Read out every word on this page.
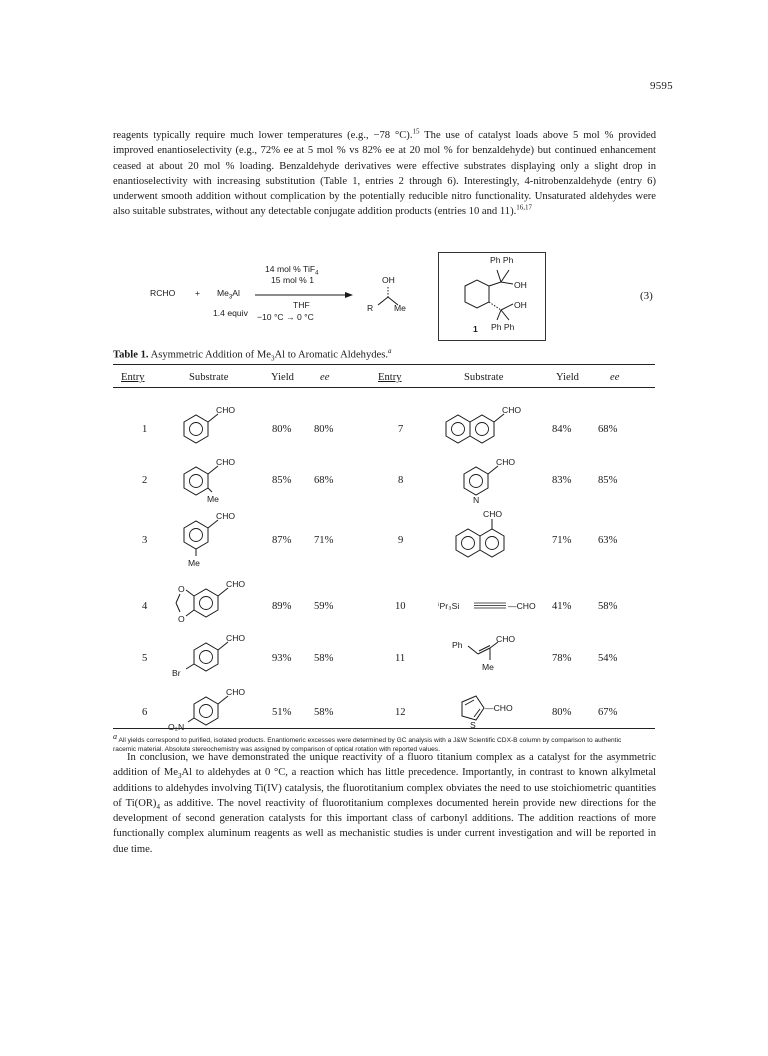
9595

reagents typically require much lower temperatures (e.g., −78 °C).$^{15}$ The use of catalyst loads above 5 mol % provided improved enantioselectivity (e.g., 72% ee at 5 mol % vs 82% ee at 20 mol % for benzaldehyde) but continued enhancement ceased at about 20 mol % loading. Benzaldehyde derivatives were effective substrates displaying only a slight drop in enantioselectivity with increasing substitution (Table 1, entries 2 through 6). Interestingly, 4-nitrobenzaldehyde (entry 6) underwent smooth addition without complication by the potentially reducible nitro functionality. Unsaturated aldehydes were also suitable substrates, without any detectable conjugate addition products (entries 10 and 11).$^{16,17}$

RCHO + $Me_3Al$
1.4 equiv
14 mol % TiF$_4$
15 mol % 1
THF
−10 °C → 0 °C
OH
R Me
Ph Ph
OH
OH
1 Ph Ph
(3)
Table 1. Asymmetric Addition of $Me_3Al$ to Aromatic Aldehydes.$^a$
Entry	Substrate	Yield ee	Entry	Substrate	Yield	ee
1	80% 80%
2	85% 68%
3	87% 71%
4	89% 59%
5	93% 58%
6	51% 58%
7	84%	68%
8	83%	85%
9	71%	63%
10	41%	58%
11	78%	54%
12	80%	67%
CHO
CHO
Me
CHO
Me
CHO
O
O
CHO
Br
CHO
O₂N
CHO
CHO
N
CHO
ⁱPr₃Si	—CHO
CHO
Ph
Me
—CHO
S
$^a$ All yields correspond to purified, isolated products. Enantiomeric excesses were determined by GC analysis with a J&W Scientific CDX-B column by comparison to authentic racemic material. Absolute stereochemistry was assigned by comparison of optical rotation with reported values.

In conclusion, we have demonstrated the unique reactivity of a fluoro titanium complex as a catalyst for the asymmetric addition of $Me_3Al$ to aldehydes at 0 °C, a reaction which has little precedence. Importantly, in contrast to known alkylmetal additions to aldehydes involving Ti(IV) catalysis, the fluorotitanium complex obviates the need to use stoichiometric quantities of $Ti(OR)_4$ as additive. The novel reactivity of fluorotitanium complexes documented herein provide new directions for the development of second generation catalysts for this important class of carbonyl additions. The addition reactions of more functionally complex aluminum reagents as well as mechanistic studies is under current investigation and will be reported in due time.
